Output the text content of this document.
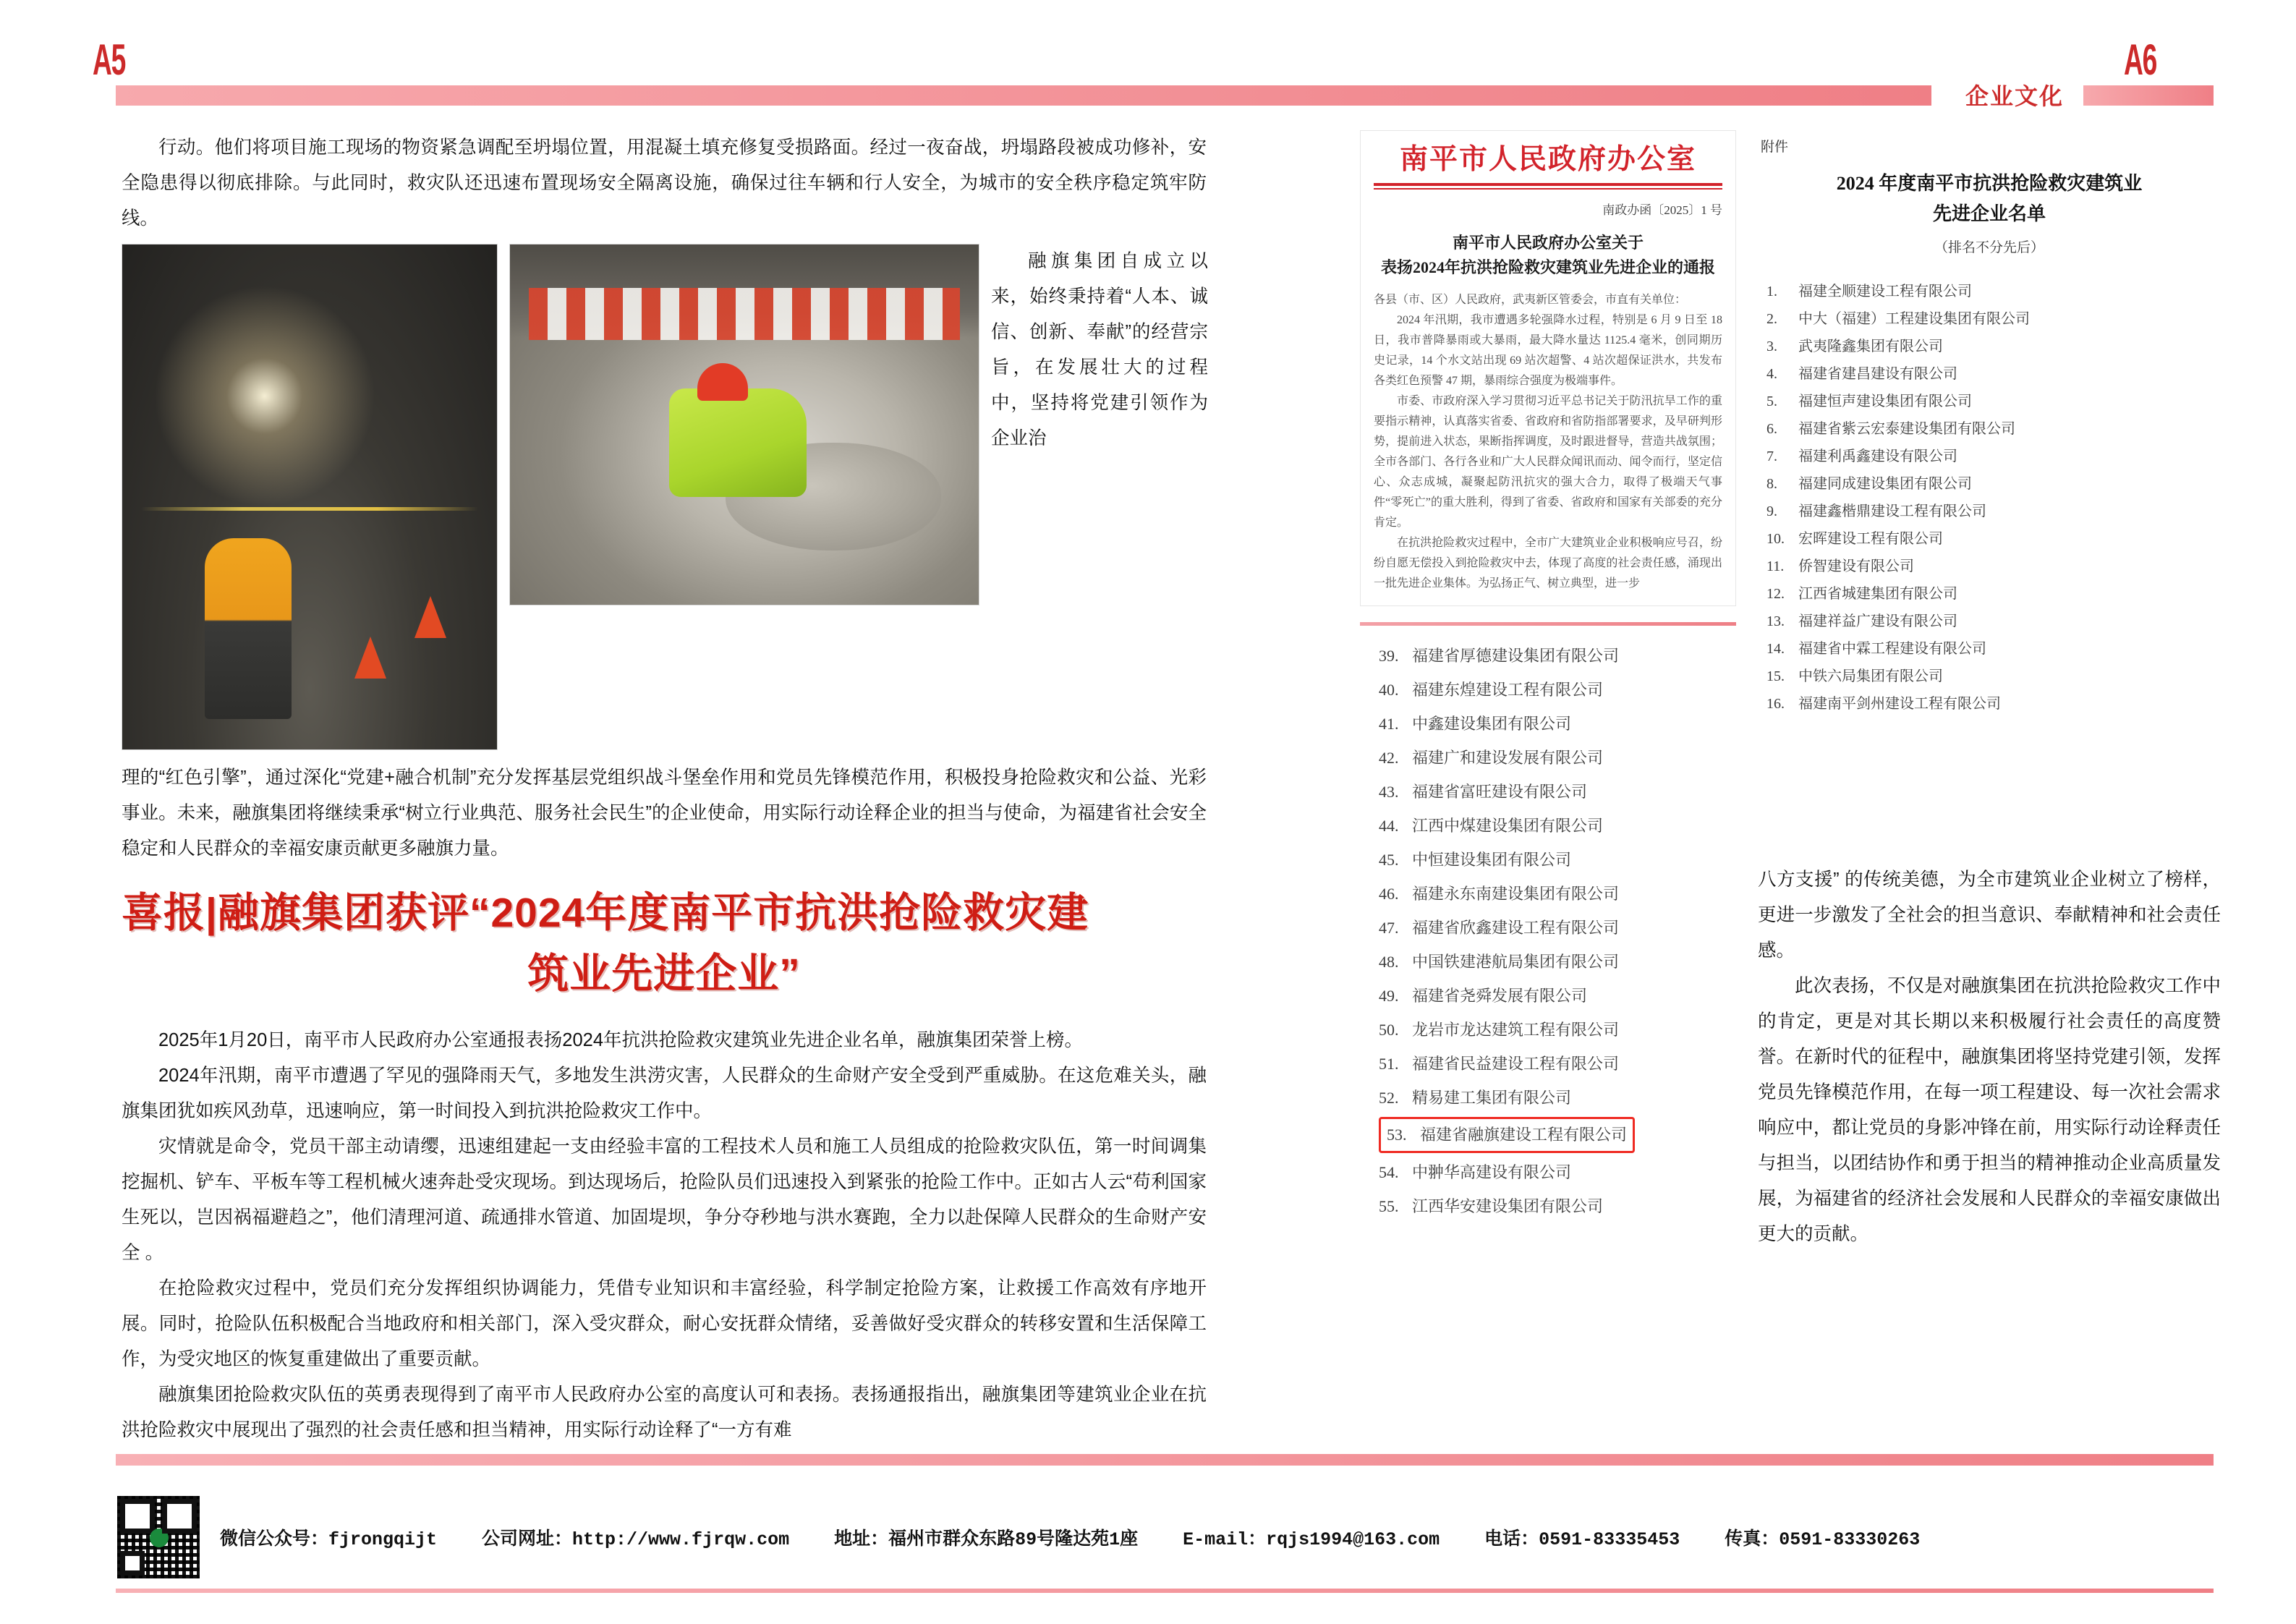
A5
企业文化
A6

行动。他们将项目施工现场的物资紧急调配至坍塌位置，用混凝土填充修复受损路面。经过一夜奋战，坍塌路段被成功修补，安全隐患得以彻底排除。与此同时，救灾队还迅速布置现场安全隔离设施，确保过往车辆和行人安全，为城市的安全秩序稳定筑牢防线。

融旗集团自成立以来，始终秉持着“人本、诚信、创新、奉献”的经营宗旨，在发展壮大的过程中，坚持将党建引领作为企业治

理的“红色引擎”，通过深化“党建+融合机制”充分发挥基层党组织战斗堡垒作用和党员先锋模范作用，积极投身抢险救灾和公益、光彩事业。未来，融旗集团将继续秉承“树立行业典范、服务社会民生”的企业使命，用实际行动诠释企业的担当与使命，为福建省社会安全稳定和人民群众的幸福安康贡献更多融旗力量。

喜报|融旗集团获评“2024年度南平市抗洪抢险救灾建
筑业先进企业”

2025年1月20日，南平市人民政府办公室通报表扬2024年抗洪抢险救灾建筑业先进企业名单，融旗集团荣誉上榜。

2024年汛期，南平市遭遇了罕见的强降雨天气，多地发生洪涝灾害，人民群众的生命财产安全受到严重威胁。在这危难关头，融旗集团犹如疾风劲草，迅速响应，第一时间投入到抗洪抢险救灾工作中。

灾情就是命令，党员干部主动请缨，迅速组建起一支由经验丰富的工程技术人员和施工人员组成的抢险救灾队伍，第一时间调集挖掘机、铲车、平板车等工程机械火速奔赴受灾现场。到达现场后，抢险队员们迅速投入到紧张的抢险工作中。正如古人云“苟利国家生死以，岂因祸福避趋之”，他们清理河道、疏通排水管道、加固堤坝，争分夺秒地与洪水赛跑，全力以赴保障人民群众的生命财产安全 。

在抢险救灾过程中，党员们充分发挥组织协调能力，凭借专业知识和丰富经验，科学制定抢险方案，让救援工作高效有序地开展。同时，抢险队伍积极配合当地政府和相关部门，深入受灾群众，耐心安抚群众情绪，妥善做好受灾群众的转移安置和生活保障工作，为受灾地区的恢复重建做出了重要贡献。

融旗集团抢险救灾队伍的英勇表现得到了南平市人民政府办公室的高度认可和表扬。表扬通报指出，融旗集团等建筑业企业在抗洪抢险救灾中展现出了强烈的社会责任感和担当精神，用实际行动诠释了“一方有难

南平市人民政府办公室
南政办函〔2025〕1 号
南平市人民政府办公室关于
表扬2024年抗洪抢险救灾建筑业先进企业的通报

各县（市、区）人民政府，武夷新区管委会，市直有关单位：

2024 年汛期，我市遭遇多轮强降水过程，特别是 6 月 9 日至 18 日，我市普降暴雨或大暴雨，最大降水量达 1125.4 毫米，创同期历史记录，14 个水文站出现 69 站次超警、4 站次超保证洪水，共发布各类红色预警 47 期，暴雨综合强度为极端事件。

市委、市政府深入学习贯彻习近平总书记关于防汛抗旱工作的重要指示精神，认真落实省委、省政府和省防指部署要求，及早研判形势，提前进入状态，果断指挥调度，及时跟进督导，营造共战氛围；全市各部门、各行各业和广大人民群众闻讯而动、闻令而行，坚定信心、众志成城，凝聚起防汛抗灾的强大合力，取得了极端天气事件“零死亡”的重大胜利，得到了省委、省政府和国家有关部委的充分肯定。

在抗洪抢险救灾过程中，全市广大建筑业企业积极响应号召，纷纷自愿无偿投入到抢险救灾中去，体现了高度的社会责任感，涌现出一批先进企业集体。为弘扬正气、树立典型，进一步

39. 福建省厚德建设集团有限公司
40. 福建东煌建设工程有限公司
41. 中鑫建设集团有限公司
42. 福建广和建设发展有限公司
43. 福建省富旺建设有限公司
44. 江西中煤建设集团有限公司
45. 中恒建设集团有限公司
46. 福建永东南建设集团有限公司
47. 福建省欣鑫建设工程有限公司
48. 中国铁建港航局集团有限公司
49. 福建省尧舜发展有限公司
50. 龙岩市龙达建筑工程有限公司
51. 福建省民益建设工程有限公司
52. 精易建工集团有限公司
53. 福建省融旗建设工程有限公司
54. 中翀华高建设有限公司
55. 江西华安建设集团有限公司
附件
2024 年度南平市抗洪抢险救灾建筑业
先进企业名单
（排名不分先后）
1. 福建全顺建设工程有限公司
2. 中大（福建）工程建设集团有限公司
3. 武夷隆鑫集团有限公司
4. 福建省建昌建设有限公司
5. 福建恒声建设集团有限公司
6. 福建省紫云宏泰建设集团有限公司
7. 福建利禹鑫建设有限公司
8. 福建同成建设集团有限公司
9. 福建鑫楷鼎建设工程有限公司
10. 宏晖建设工程有限公司
11. 侨智建设有限公司
12. 江西省城建集团有限公司
13. 福建祥益广建设有限公司
14. 福建省中霖工程建设有限公司
15. 中铁六局集团有限公司
16. 福建南平剑州建设工程有限公司

八方支援” 的传统美德，为全市建筑业企业树立了榜样，更进一步激发了全社会的担当意识、奉献精神和社会责任感。

此次表扬，不仅是对融旗集团在抗洪抢险救灾工作中的肯定，更是对其长期以来积极履行社会责任的高度赞誉。在新时代的征程中，融旗集团将坚持党建引领，发挥党员先锋模范作用，在每一项工程建设、每一次社会需求响应中，都让党员的身影冲锋在前，用实际行动诠释责任与担当，以团结协作和勇于担当的精神推动企业高质量发展，为福建省的经济社会发展和人民群众的幸福安康做出更大的贡献。

微信公众号：fjrongqijt 公司网址：http://www.fjrqw.com 地址：福州市群众东路89号隆达苑1座 E-mail：rqjs1994@163.com 电话：0591-83335453 传真：0591-83330263
